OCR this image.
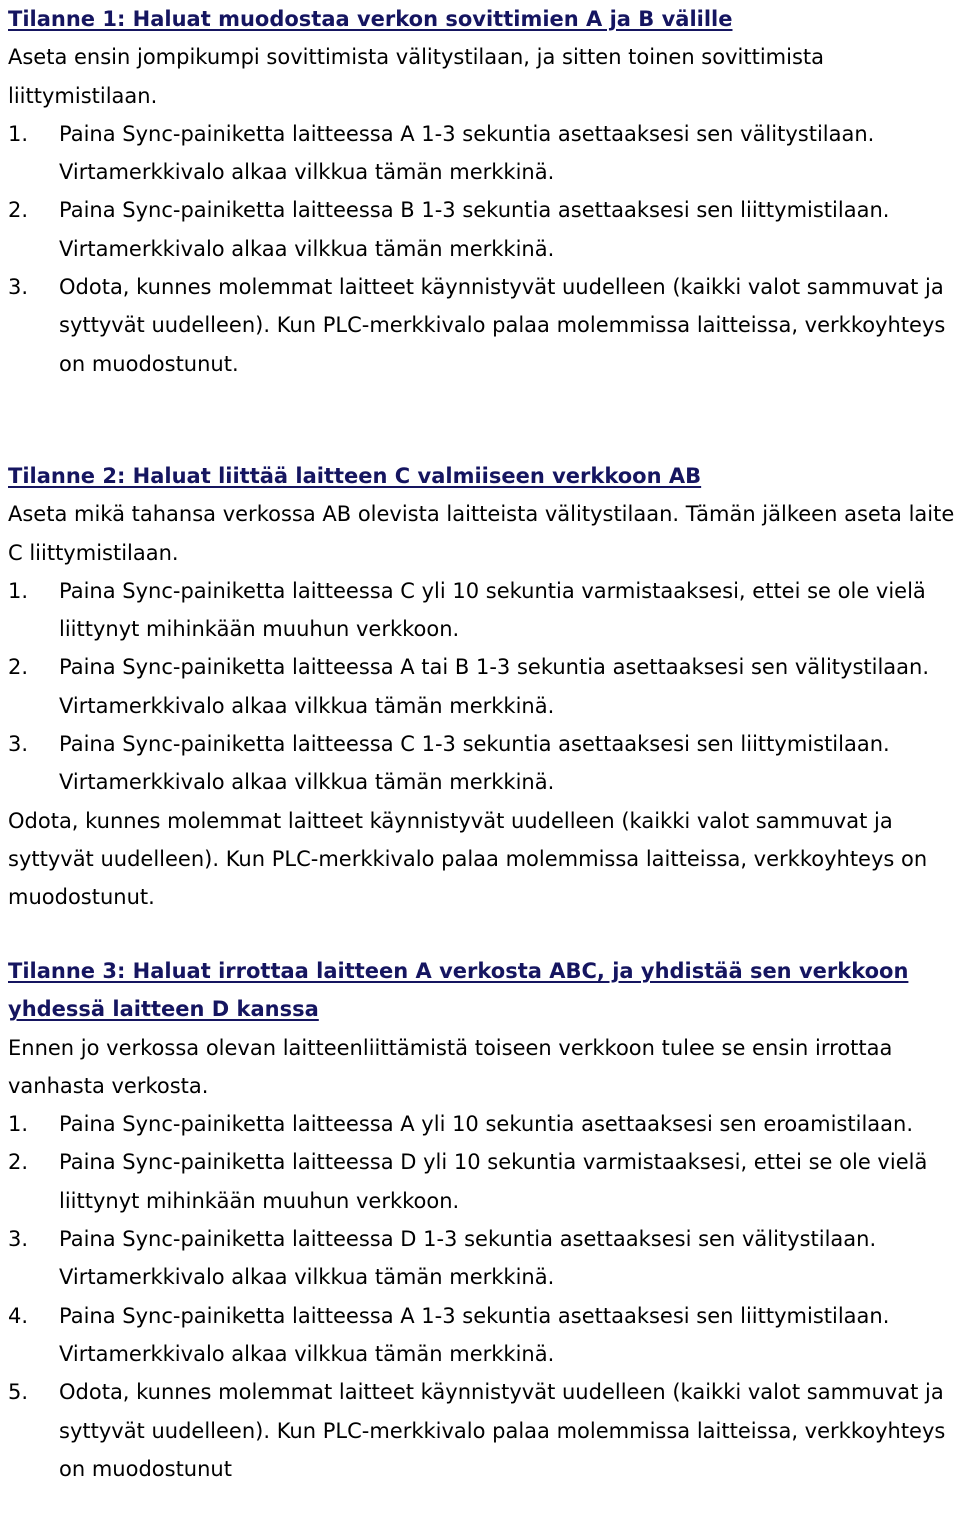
Tilanne 1: Haluat muodostaa verkon sovittimien A ja B välille

Aseta ensin jompikumpi sovittimista välitystilaan, ja sitten toinen sovittimista liittymistilaan.

1. Paina Sync-painiketta laitteessa A 1-3 sekuntia asettaaksesi sen välitystilaan. Virtamerkkivalo alkaa vilkkua tämän merkkinä.
2. Paina Sync-painiketta laitteessa B 1-3 sekuntia asettaaksesi sen liittymistilaan. Virtamerkkivalo alkaa vilkkua tämän merkkinä.
3. Odota, kunnes molemmat laitteet käynnistyvät uudelleen (kaikki valot sammuvat ja syttyvät uudelleen). Kun PLC-merkkivalo palaa molemmissa laitteissa, verkkoyhteys on muodostunut.
Tilanne 2: Haluat liittää laitteen C valmiiseen verkkoon AB

Aseta mikä tahansa verkossa AB olevista laitteista välitystilaan. Tämän jälkeen aseta laite C liittymistilaan.

1. Paina Sync-painiketta laitteessa C yli 10 sekuntia varmistaaksesi, ettei se ole vielä liittynyt mihinkään muuhun verkkoon.
2. Paina Sync-painiketta laitteessa A tai B 1-3 sekuntia asettaaksesi sen välitystilaan. Virtamerkkivalo alkaa vilkkua tämän merkkinä.
3. Paina Sync-painiketta laitteessa C 1-3 sekuntia asettaaksesi sen liittymistilaan. Virtamerkkivalo alkaa vilkkua tämän merkkinä.

Odota, kunnes molemmat laitteet käynnistyvät uudelleen (kaikki valot sammuvat ja syttyvät uudelleen). Kun PLC-merkkivalo palaa molemmissa laitteissa, verkkoyhteys on muodostunut.

Tilanne 3: Haluat irrottaa laitteen A verkosta ABC, ja yhdistää sen verkkoon yhdessä laitteen D kanssa

Ennen jo verkossa olevan laitteenliittämistä toiseen verkkoon tulee se ensin irrottaa vanhasta verkosta.

1. Paina Sync-painiketta laitteessa A yli 10 sekuntia asettaaksesi sen eroamistilaan.
2. Paina Sync-painiketta laitteessa D yli 10 sekuntia varmistaaksesi, ettei se ole vielä liittynyt mihinkään muuhun verkkoon.
3. Paina Sync-painiketta laitteessa D 1-3 sekuntia asettaaksesi sen välitystilaan. Virtamerkkivalo alkaa vilkkua tämän merkkinä.
4. Paina Sync-painiketta laitteessa A 1-3 sekuntia asettaaksesi sen liittymistilaan. Virtamerkkivalo alkaa vilkkua tämän merkkinä.
5. Odota, kunnes molemmat laitteet käynnistyvät uudelleen (kaikki valot sammuvat ja syttyvät uudelleen). Kun PLC-merkkivalo palaa molemmissa laitteissa, verkkoyhteys on muodostunut
